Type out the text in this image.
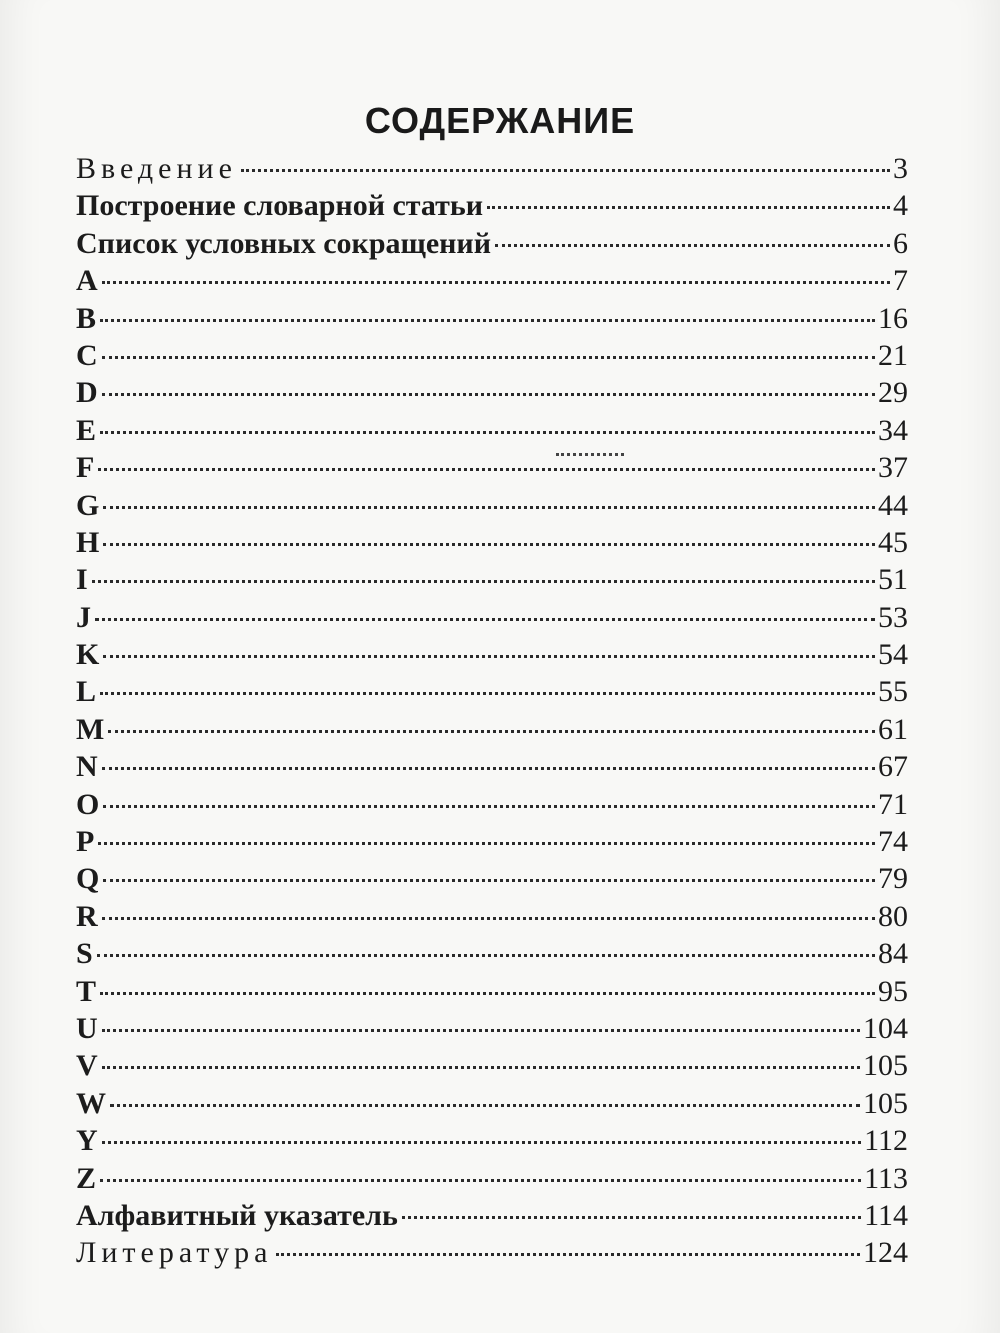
СОДЕРЖАНИЕ
Введение	3
Построение словарной статьи	4
Список условных сокращений	6
A	7
B	16
C	21
D	29
E	34
F	37
G	44
H	45
I	51
J	53
K	54
L	55
M	61
N	67
O	71
P	74
Q	79
R	80
S	84
T	95
U	104
V	105
W	105
Y	112
Z	113
Алфавитный указатель	114
Литература	124
